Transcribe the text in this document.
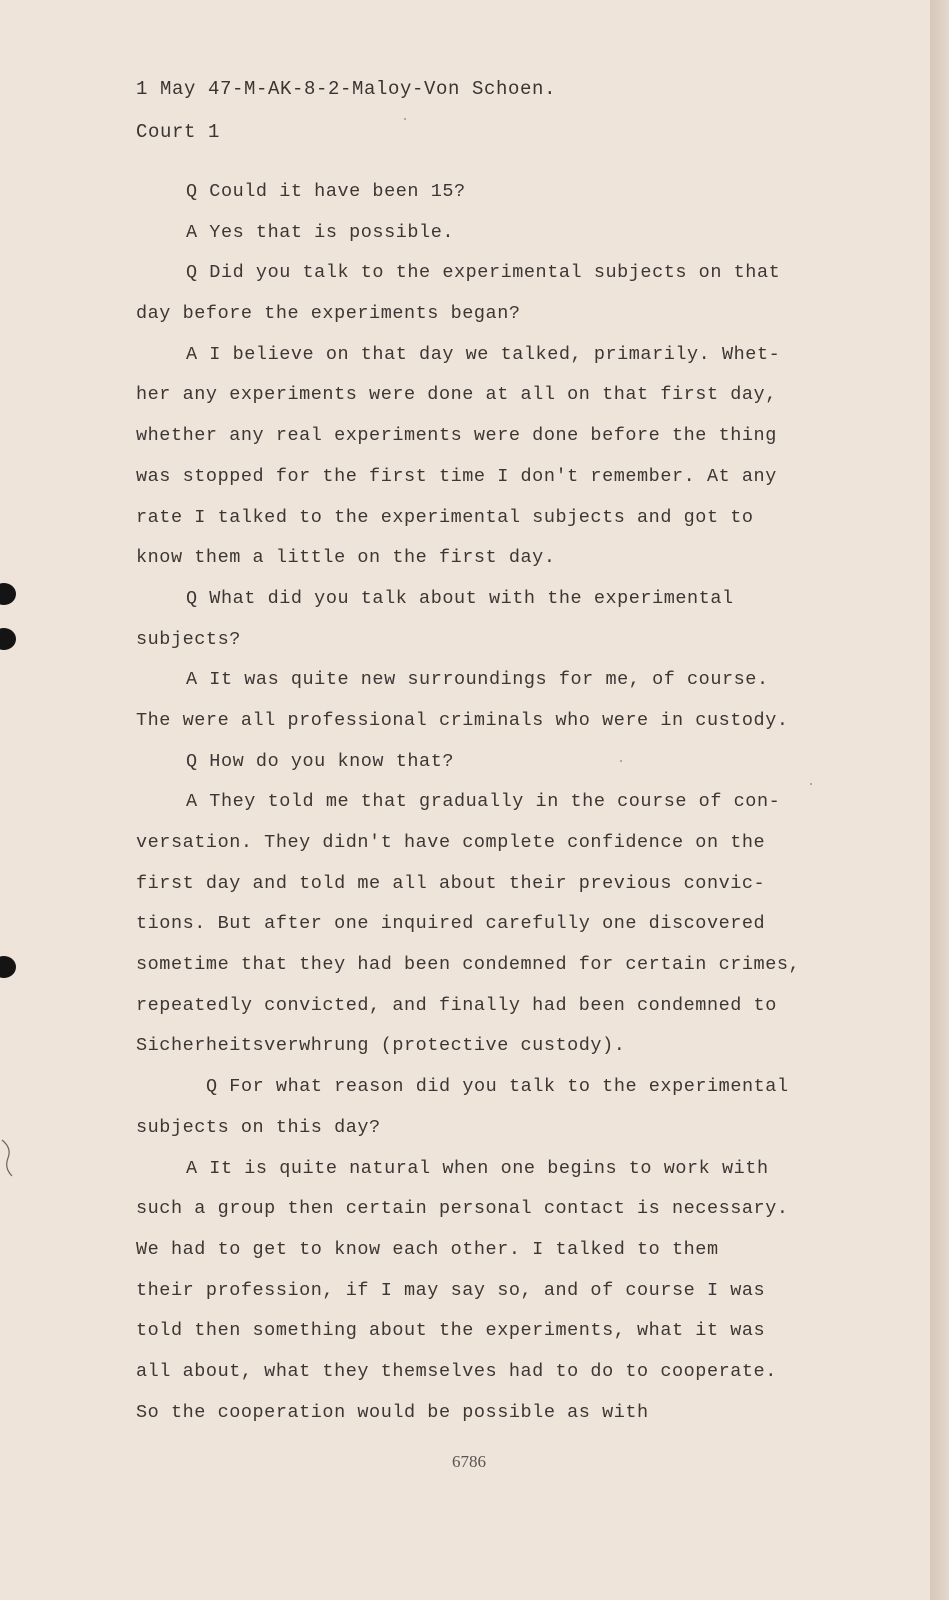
1 May 47-M-AK-8-2-Maloy-Von Schoen.
Court 1
Q Could it have been 15?
A Yes that is possible.
Q Did you talk to the experimental subjects on that
day before the experiments began?
A I believe on that day we talked, primarily. Whet-
her any experiments were done at all on that first day,
whether any real experiments were done before the thing
was stopped for the first time I don't remember. At any
rate I talked to the experimental subjects and got to
know them a little on the first day.
Q What did you talk about with the experimental
subjects?
A It was quite new surroundings for me, of course.
The were all professional criminals who were in custody.
Q How do you know that?
A They told me that gradually in the course of con-
versation. They didn't have complete confidence on the
first day and told me all about their previous convic-
tions. But after one inquired carefully one discovered
sometime that they had been condemned for certain crimes,
repeatedly convicted, and finally had been condemned to
Sicherheitsverwhrung (protective custody).
Q For what reason did you talk to the experimental
subjects on this day?
A It is quite natural when one begins to work with
such a group then certain personal contact is necessary.
We had to get to know each other. I talked to them
their profession, if I may say so, and of course I was
told then something about the experiments, what it was
all about, what they themselves had to do to cooperate.
So the cooperation would be possible as with
6786
